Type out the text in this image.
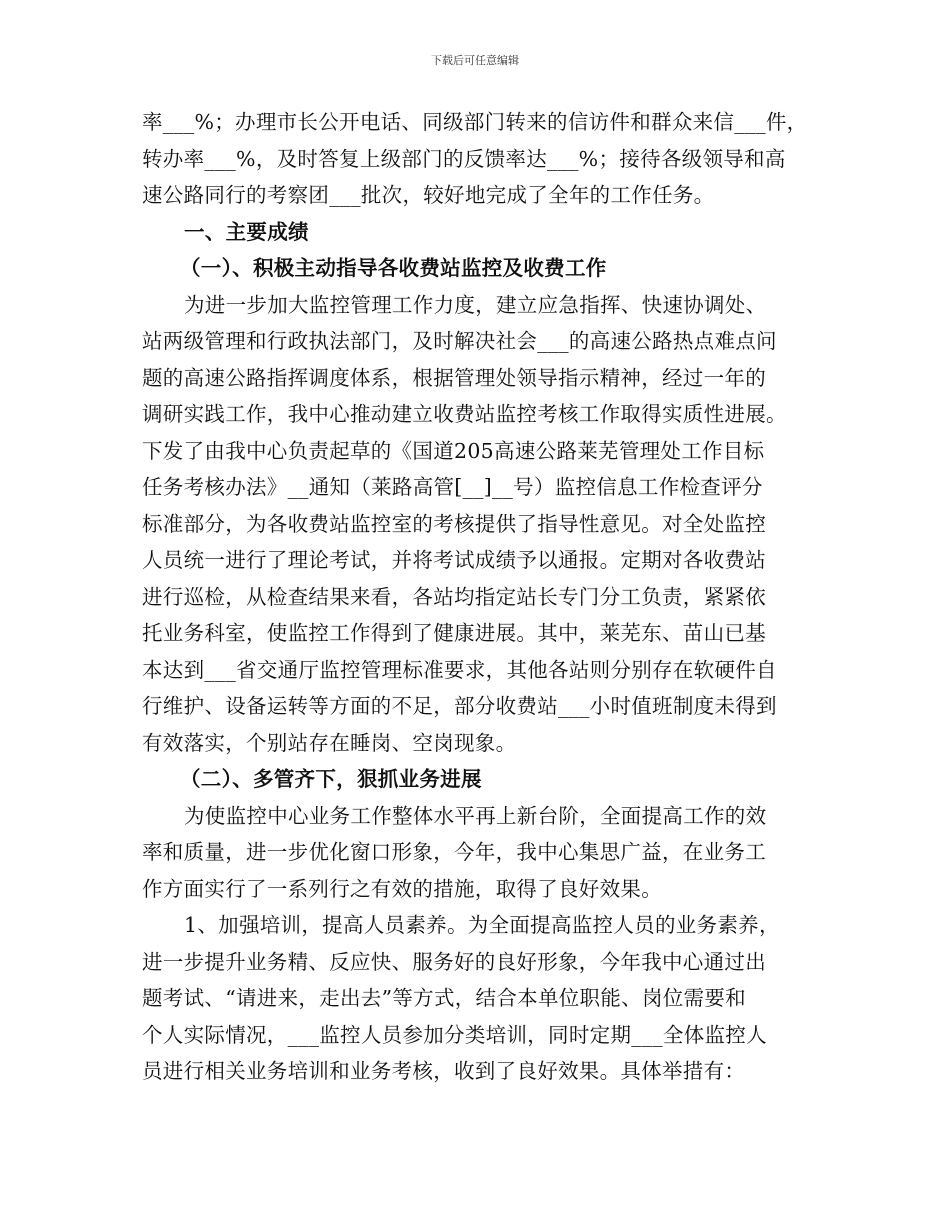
下载后可任意编辑
率___%；办理市长公开电话、同级部门转来的信访件和群众来信___件，
转办率___%，及时答复上级部门的反馈率达___%；接待各级领导和高
速公路同行的考察团___批次，较好地完成了全年的工作任务。
一、主要成绩
（一）、积极主动指导各收费站监控及收费工作
为进一步加大监控管理工作力度，建立应急指挥、快速协调处、
站两级管理和行政执法部门，及时解决社会___的高速公路热点难点问
题的高速公路指挥调度体系，根据管理处领导指示精神，经过一年的
调研实践工作，我中心推动建立收费站监控考核工作取得实质性进展。
下发了由我中心负责起草的《国道205高速公路莱芜管理处工作目标
任务考核办法》__通知（莱路高管[__]__号）监控信息工作检查评分
标准部分，为各收费站监控室的考核提供了指导性意见。对全处监控
人员统一进行了理论考试，并将考试成绩予以通报。定期对各收费站
进行巡检，从检查结果来看，各站均指定站长专门分工负责，紧紧依
托业务科室，使监控工作得到了健康进展。其中，莱芜东、苗山已基
本达到___省交通厅监控管理标准要求，其他各站则分别存在软硬件自
行维护、设备运转等方面的不足，部分收费站___小时值班制度未得到
有效落实，个别站存在睡岗、空岗现象。
（二）、多管齐下，狠抓业务进展
为使监控中心业务工作整体水平再上新台阶，全面提高工作的效
率和质量，进一步优化窗口形象，今年，我中心集思广益，在业务工
作方面实行了一系列行之有效的措施，取得了良好效果。
1、加强培训，提高人员素养。为全面提高监控人员的业务素养，
进一步提升业务精、反应快、服务好的良好形象，今年我中心通过出
题考试、“请进来，走出去”等方式，结合本单位职能、岗位需要和
个人实际情况，___监控人员参加分类培训，同时定期___全体监控人
员进行相关业务培训和业务考核，收到了良好效果。具体举措有：
